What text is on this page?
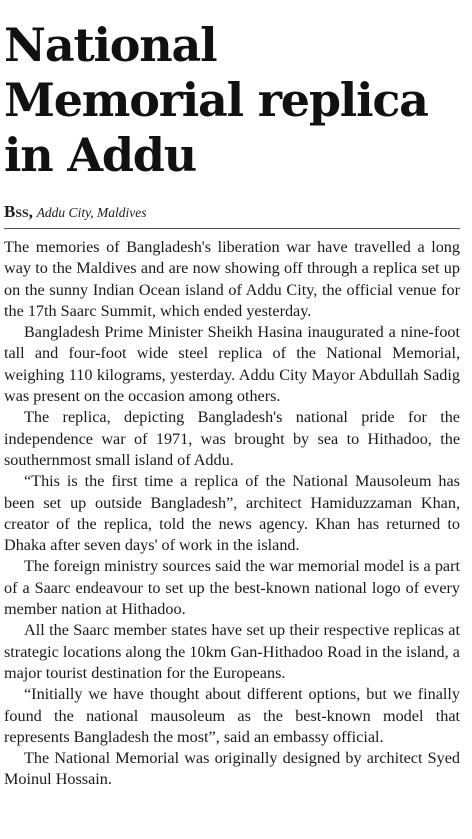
National Memorial replica in Addu
Bss, Addu City, Maldives

The memories of Bangladesh's liberation war have travelled a long way to the Maldives and are now showing off through a replica set up on the sunny Indian Ocean island of Addu City, the official venue for the 17th Saarc Summit, which ended yesterday.

Bangladesh Prime Minister Sheikh Hasina inaugurated a nine-foot tall and four-foot wide steel replica of the National Memorial, weighing 110 kilograms, yesterday. Addu City Mayor Abdullah Sadig was present on the occasion among others.

The replica, depicting Bangladesh's national pride for the independence war of 1971, was brought by sea to Hithadoo, the southernmost small island of Addu.

“This is the first time a replica of the National Mausoleum has been set up outside Bangladesh”, architect Hamiduzzaman Khan, creator of the replica, told the news agency. Khan has returned to Dhaka after seven days' of work in the island.

The foreign ministry sources said the war memorial model is a part of a Saarc endeavour to set up the best-known national logo of every member nation at Hithadoo.

All the Saarc member states have set up their respective replicas at strategic locations along the 10km Gan-Hithadoo Road in the island, a major tourist destination for the Europeans.

“Initially we have thought about different options, but we finally found the national mausoleum as the best-known model that represents Bangladesh the most”, said an embassy official.

The National Memorial was originally designed by architect Syed Moinul Hossain.
